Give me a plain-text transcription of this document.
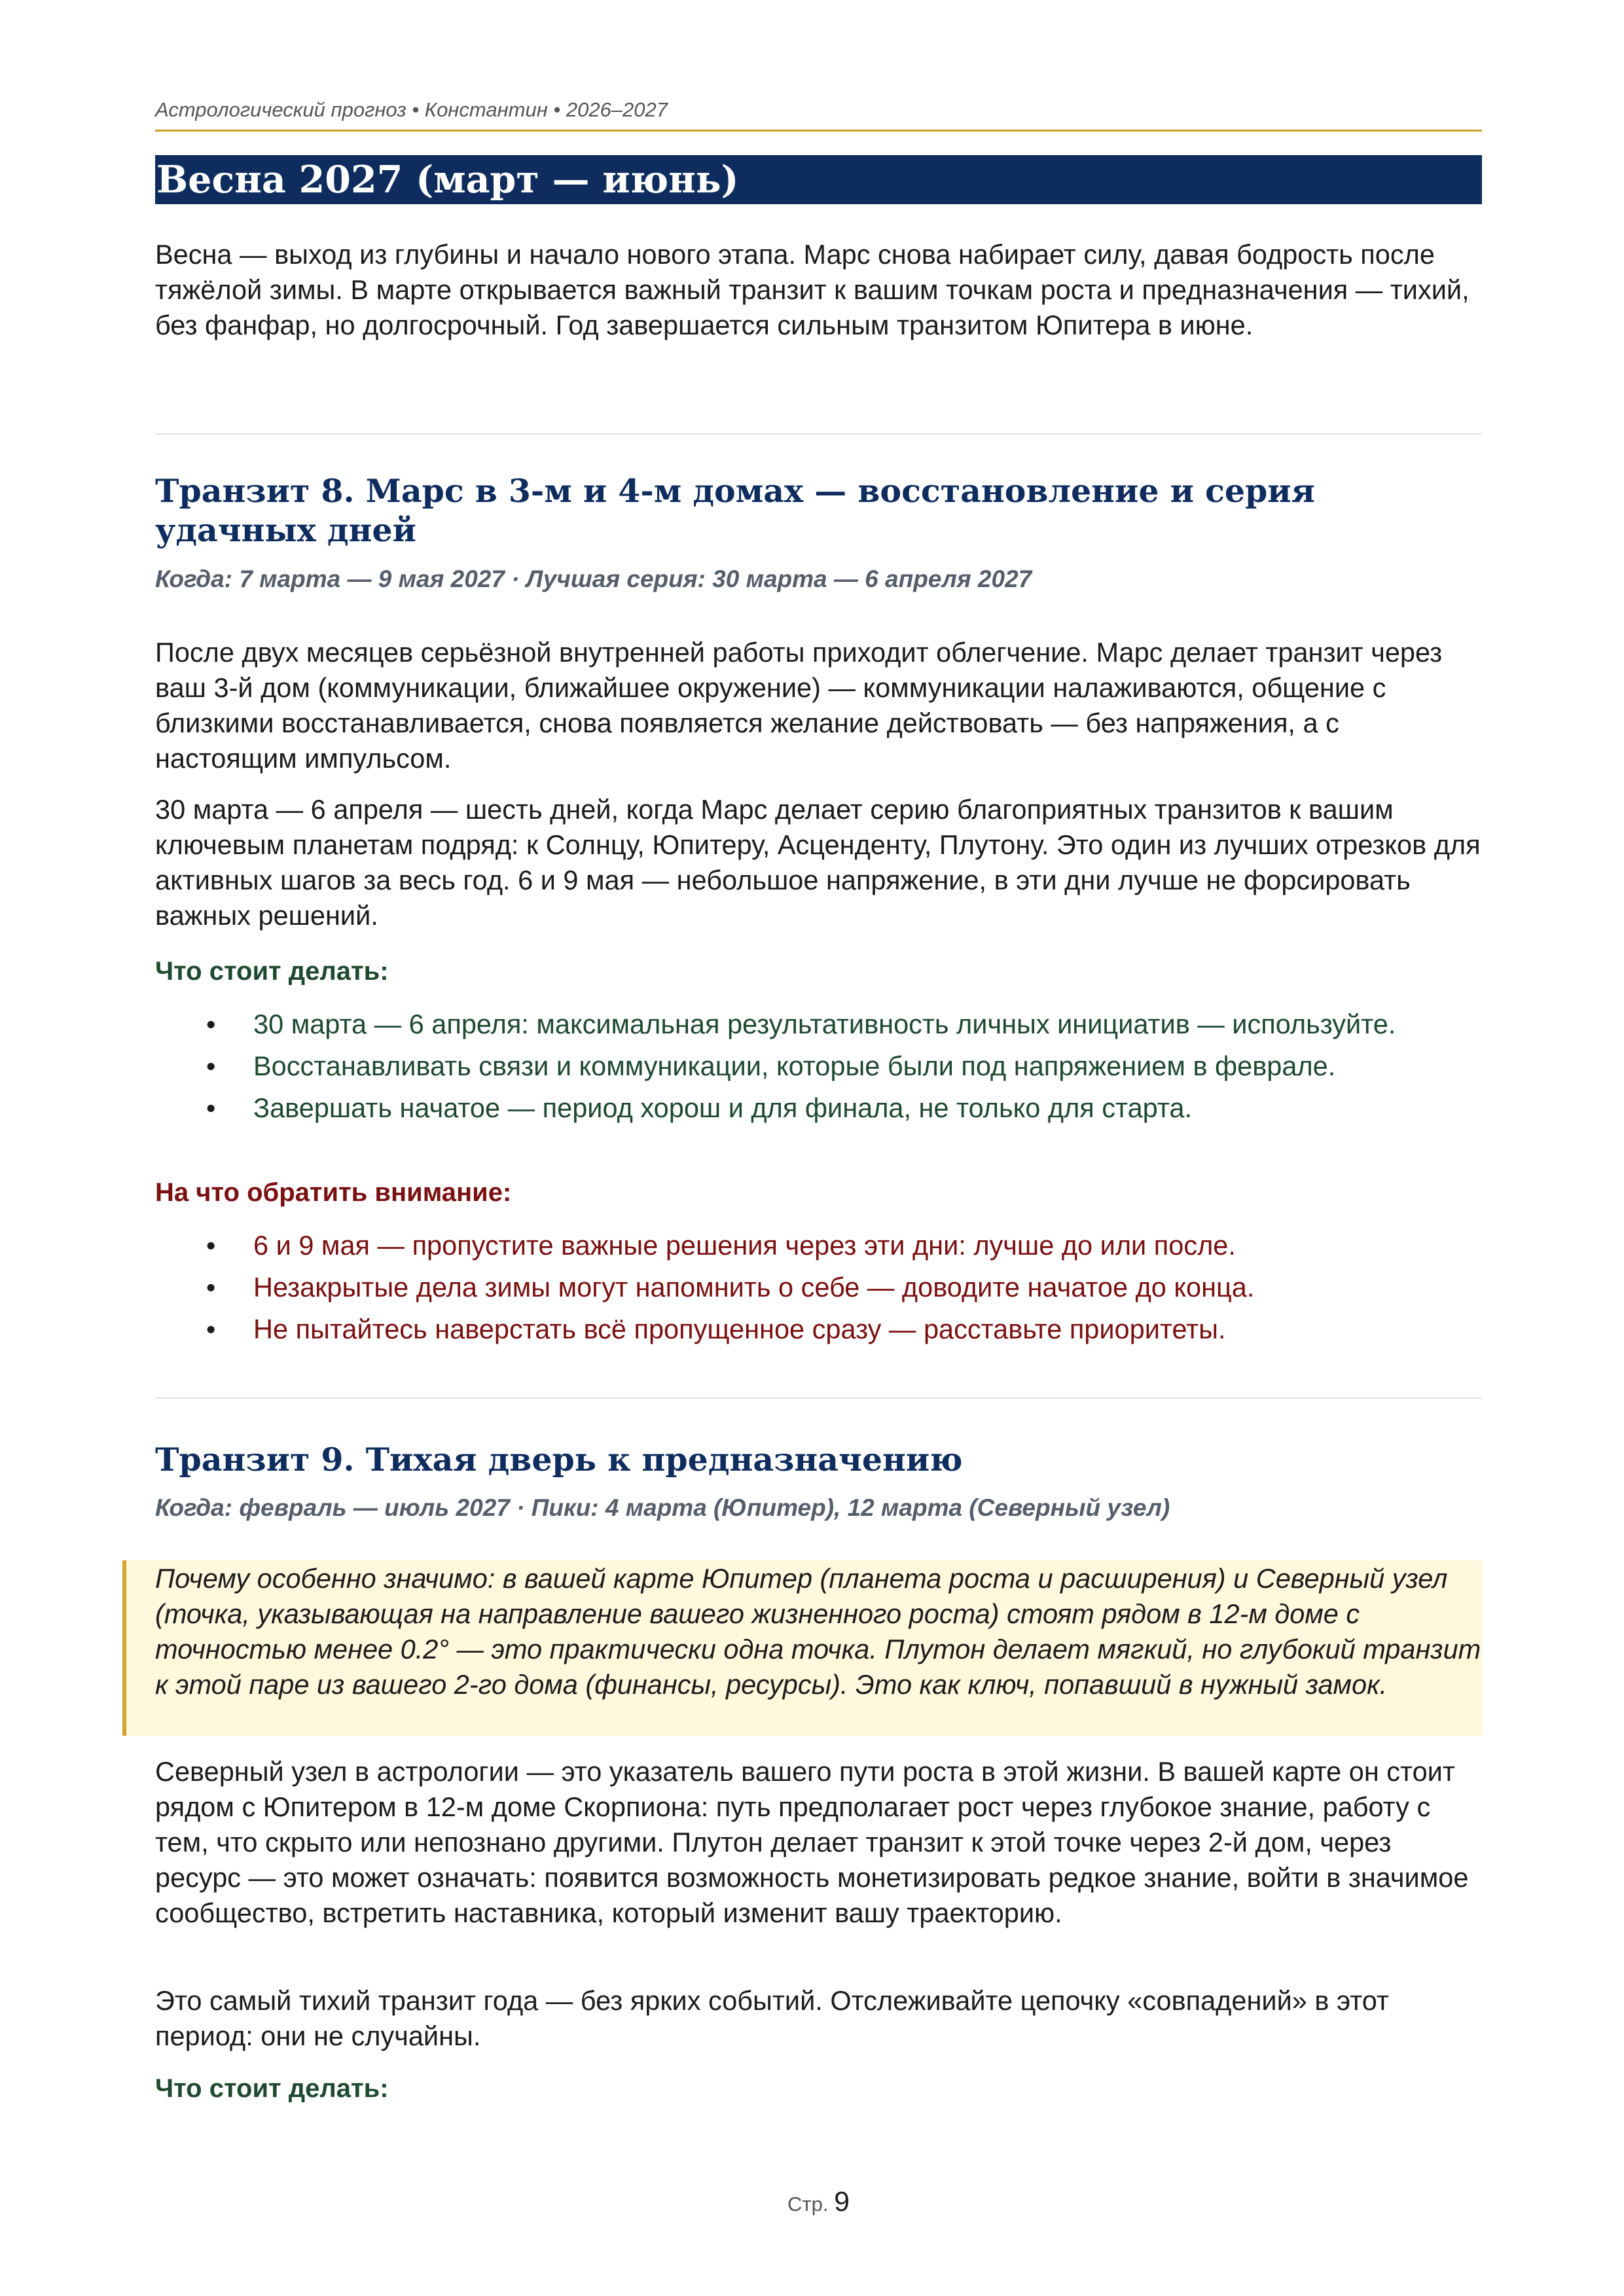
Астрологический прогноз • Константин • 2026–2027
Весна 2027 (март — июнь)

Весна — выход из глубины и начало нового этапа. Марс снова набирает силу, давая бодрость после тяжёлой зимы. В марте открывается важный транзит к вашим точкам роста и предназначения — тихий, без фанфар, но долгосрочный. Год завершается сильным транзитом Юпитера в июне.

Транзит 8. Марс в 3-м и 4-м домах — восстановление и серия удачных дней

Когда: 7 марта — 9 мая 2027 · Лучшая серия: 30 марта — 6 апреля 2027

После двух месяцев серьёзной внутренней работы приходит облегчение. Марс делает транзит через ваш 3-й дом (коммуникации, ближайшее окружение) — коммуникации налаживаются, общение с близкими восстанавливается, снова появляется желание действовать — без напряжения, а с настоящим импульсом.

30 марта — 6 апреля — шесть дней, когда Марс делает серию благоприятных транзитов к вашим ключевым планетам подряд: к Солнцу, Юпитеру, Асценденту, Плутону. Это один из лучших отрезков для активных шагов за весь год. 6 и 9 мая — небольшое напряжение, в эти дни лучше не форсировать важных решений.

Что стоит делать:

• 30 марта — 6 апреля: максимальная результативность личных инициатив — используйте.
• Восстанавливать связи и коммуникации, которые были под напряжением в феврале.
• Завершать начатое — период хорош и для финала, не только для старта.

На что обратить внимание:

• 6 и 9 мая — пропустите важные решения через эти дни: лучше до или после.
• Незакрытые дела зимы могут напомнить о себе — доводите начатое до конца.
• Не пытайтесь наверстать всё пропущенное сразу — расставьте приоритеты.
Транзит 9. Тихая дверь к предназначению

Когда: февраль — июль 2027 · Пики: 4 марта (Юпитер), 12 марта (Северный узел)

Почему особенно значимо: в вашей карте Юпитер (планета роста и расширения) и Северный узел (точка, указывающая на направление вашего жизненного роста) стоят рядом в 12-м доме с точностью менее 0.2° — это практически одна точка. Плутон делает мягкий, но глубокий транзит к этой паре из вашего 2-го дома (финансы, ресурсы). Это как ключ, попавший в нужный замок.

Северный узел в астрологии — это указатель вашего пути роста в этой жизни. В вашей карте он стоит рядом с Юпитером в 12-м доме Скорпиона: путь предполагает рост через глубокое знание, работу с тем, что скрыто или непознано другими. Плутон делает транзит к этой точке через 2-й дом, через ресурс — это может означать: появится возможность монетизировать редкое знание, войти в значимое сообщество, встретить наставника, который изменит вашу траекторию.

Это самый тихий транзит года — без ярких событий. Отслеживайте цепочку «совпадений» в этот период: они не случайны.

Что стоит делать:

Стр. 9
